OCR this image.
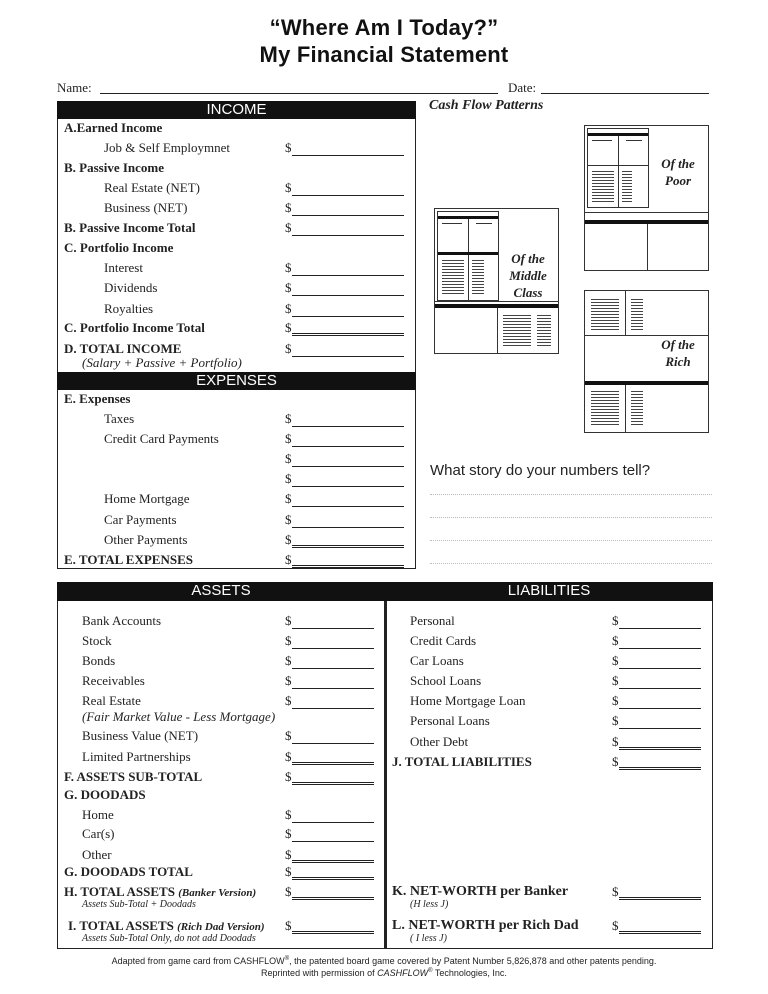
“Where Am I Today?”
My Financial Statement
Name:	Date:
INCOME
A.Earned Income
Job & Self Employmnet
B. Passive Income
Real Estate (NET)
Business (NET)
B. Passive Income Total
C. Portfolio Income
Interest
Dividends
Royalties
C. Portfolio Income Total
D. TOTAL INCOME
(Salary + Passive + Portfolio)
$
$
$
$
$
$
$
$
$
EXPENSES
E. Expenses
Taxes
Credit Card Payments
Home Mortgage
Car Payments
Other Payments
E. TOTAL EXPENSES
$
$
$
$
$
$
$
$
Cash Flow Patterns
Of the
Poor
Of the
Middle
Class
Of the
Rich
What story do your numbers tell?
ASSETS	LIABILITIES
Bank Accounts
Stock
Bonds
Receivables
Real Estate
(Fair Market Value - Less Mortgage)
Business Value (NET)
Limited Partnerships
F. ASSETS SUB-TOTAL
G. DOODADS
Home
Car(s)
Other
G. DOODADS TOTAL
H. TOTAL ASSETS (Banker Version)
Assets Sub-Total + Doodads
I. TOTAL ASSETS (Rich Dad Version)
Assets Sub-Total Only, do not add Doodads
$
$
$
$
$
$
$
$
$
$
$
$
$
$
Personal
Credit Cards
Car Loans
School Loans
Home Mortgage Loan
Personal Loans
Other Debt
J. TOTAL LIABILITIES
K. NET-WORTH per Banker
(H less J)
L. NET-WORTH per Rich Dad
( I less J)
$
$
$
$
$
$
$
$
$
$
Adapted from game card from CASHFLOW®, the patented board game covered by Patent Number 5,826,878 and other patents pending.
Reprinted with permission of CASHFLOW® Technologies, Inc.
